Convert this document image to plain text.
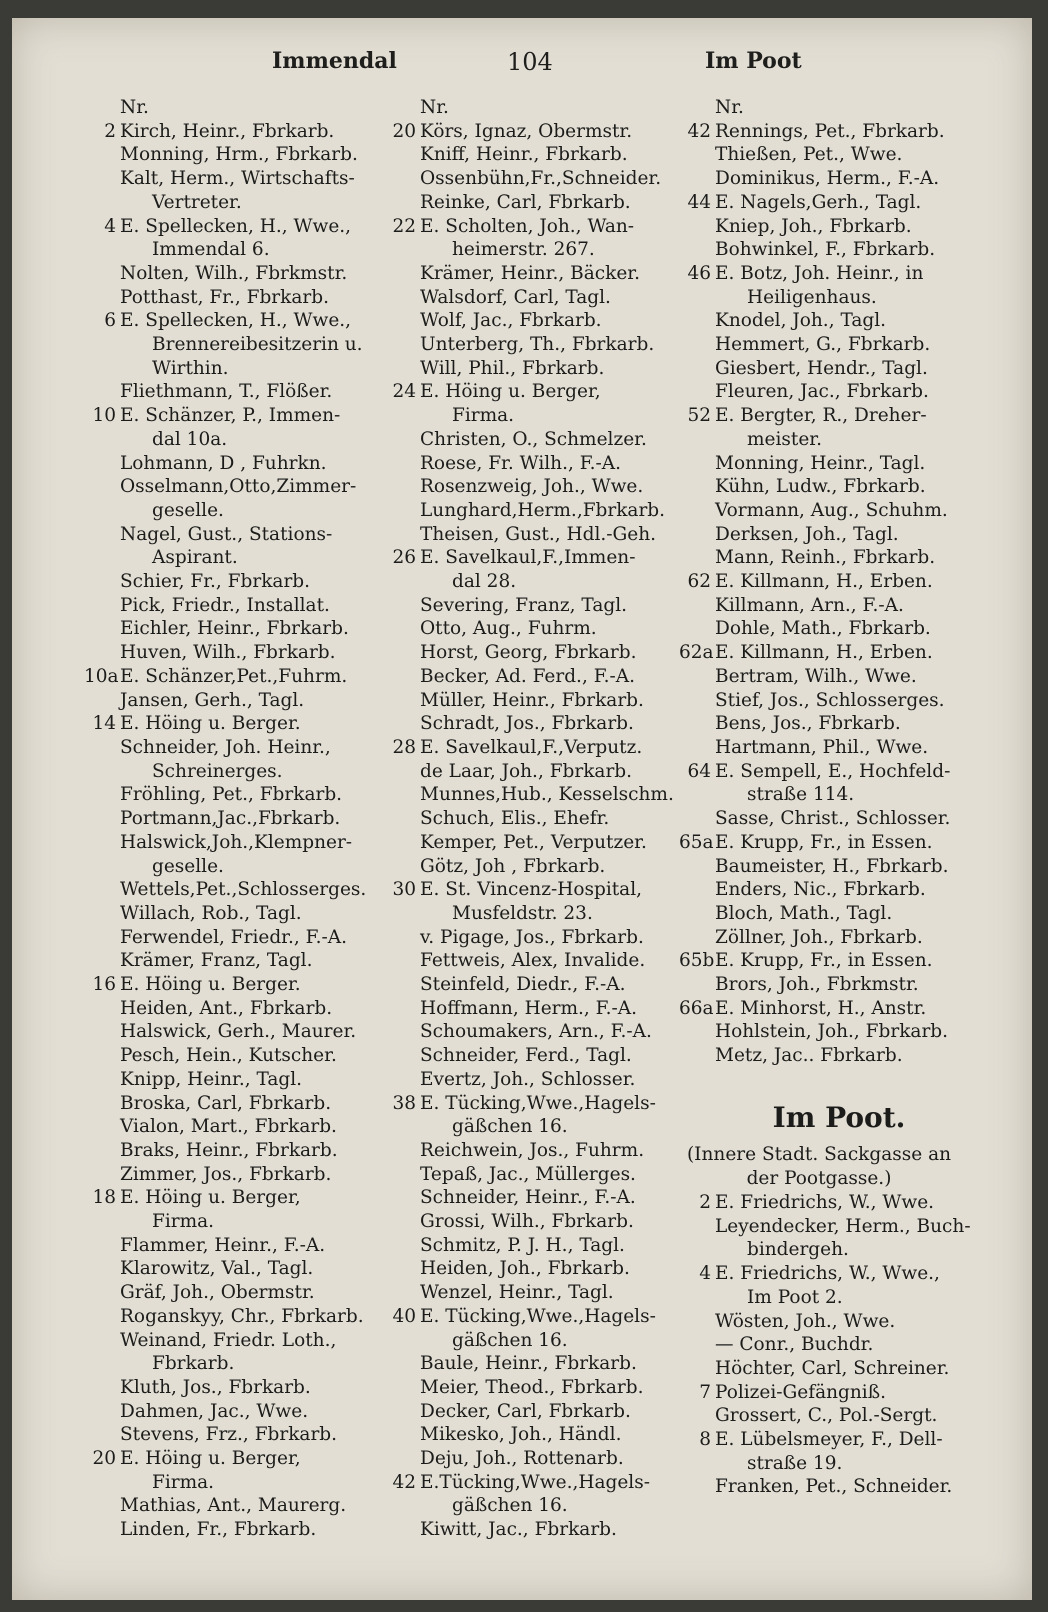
Immendal	104	Im Poot
Nr.
2 Kirch, Heinr., Fbrkarb.
Monning, Hrm., Fbrkarb.
Kalt, Herm., Wirtschafts-
Vertreter.
4 E. Spellecken, H., Wwe.,
Immendal 6.
Nolten, Wilh., Fbrkmstr.
Potthast, Fr., Fbrkarb.
6 E. Spellecken, H., Wwe.,
Brennereibesitzerin u.
Wirthin.
Fliethmann, T., Flößer.
10 E. Schänzer, P., Immen-
dal 10a.
Lohmann, D , Fuhrkn.
Osselmann,Otto,Zimmer-
geselle.
Nagel, Gust., Stations-
Aspirant.
Schier, Fr., Fbrkarb.
Pick, Friedr., Installat.
Eichler, Heinr., Fbrkarb.
Huven, Wilh., Fbrkarb.
10aE. Schänzer,Pet.,Fuhrm.
Jansen, Gerh., Tagl.
14 E. Höing u. Berger.
Schneider, Joh. Heinr.,
Schreinerges.
Fröhling, Pet., Fbrkarb.
Portmann,Jac.,Fbrkarb.
Halswick,Joh.,Klempner-
geselle.
Wettels,Pet.,Schlosserges.
Willach, Rob., Tagl.
Ferwendel, Friedr., F.-A.
Krämer, Franz, Tagl.
16 E. Höing u. Berger.
Heiden, Ant., Fbrkarb.
Halswick, Gerh., Maurer.
Pesch, Hein., Kutscher.
Knipp, Heinr., Tagl.
Broska, Carl, Fbrkarb.
Vialon, Mart., Fbrkarb.
Braks, Heinr., Fbrkarb.
Zimmer, Jos., Fbrkarb.
18 E. Höing u. Berger,
Firma.
Flammer, Heinr., F.-A.
Klarowitz, Val., Tagl.
Gräf, Joh., Obermstr.
Roganskyy, Chr., Fbrkarb.
Weinand, Friedr. Loth.,
Fbrkarb.
Kluth, Jos., Fbrkarb.
Dahmen, Jac., Wwe.
Stevens, Frz., Fbrkarb.
20 E. Höing u. Berger,
Firma.
Mathias, Ant., Maurerg.
Linden, Fr., Fbrkarb.
Nr.
20 Körs, Ignaz, Obermstr.
Kniff, Heinr., Fbrkarb.
Ossenbühn,Fr.,Schneider.
Reinke, Carl, Fbrkarb.
22 E. Scholten, Joh., Wan-
heimerstr. 267.
Krämer, Heinr., Bäcker.
Walsdorf, Carl, Tagl.
Wolf, Jac., Fbrkarb.
Unterberg, Th., Fbrkarb.
Will, Phil., Fbrkarb.
24 E. Höing u. Berger,
Firma.
Christen, O., Schmelzer.
Roese, Fr. Wilh., F.-A.
Rosenzweig, Joh., Wwe.
Lunghard,Herm.,Fbrkarb.
Theisen, Gust., Hdl.-Geh.
26 E. Savelkaul,F.,Immen-
dal 28.
Severing, Franz, Tagl.
Otto, Aug., Fuhrm.
Horst, Georg, Fbrkarb.
Becker, Ad. Ferd., F.-A.
Müller, Heinr., Fbrkarb.
Schradt, Jos., Fbrkarb.
28 E. Savelkaul,F.,Verputz.
de Laar, Joh., Fbrkarb.
Munnes,Hub., Kesselschm.
Schuch, Elis., Ehefr.
Kemper, Pet., Verputzer.
Götz, Joh , Fbrkarb.
30 E. St. Vincenz-Hospital,
Musfeldstr. 23.
v. Pigage, Jos., Fbrkarb.
Fettweis, Alex, Invalide.
Steinfeld, Diedr., F.-A.
Hoffmann, Herm., F.-A.
Schoumakers, Arn., F.-A.
Schneider, Ferd., Tagl.
Evertz, Joh., Schlosser.
38 E. Tücking,Wwe.,Hagels-
gäßchen 16.
Reichwein, Jos., Fuhrm.
Tepaß, Jac., Müllerges.
Schneider, Heinr., F.-A.
Grossi, Wilh., Fbrkarb.
Schmitz, P. J. H., Tagl.
Heiden, Joh., Fbrkarb.
Wenzel, Heinr., Tagl.
40 E. Tücking,Wwe.,Hagels-
gäßchen 16.
Baule, Heinr., Fbrkarb.
Meier, Theod., Fbrkarb.
Decker, Carl, Fbrkarb.
Mikesko, Joh., Händl.
Deju, Joh., Rottenarb.
42 E.Tücking,Wwe.,Hagels-
gäßchen 16.
Kiwitt, Jac., Fbrkarb.
Nr.
42 Rennings, Pet., Fbrkarb.
Thießen, Pet., Wwe.
Dominikus, Herm., F.-A.
44 E. Nagels,Gerh., Tagl.
Kniep, Joh., Fbrkarb.
Bohwinkel, F., Fbrkarb.
46 E. Botz, Joh. Heinr., in
Heiligenhaus.
Knodel, Joh., Tagl.
Hemmert, G., Fbrkarb.
Giesbert, Hendr., Tagl.
Fleuren, Jac., Fbrkarb.
52 E. Bergter, R., Dreher-
meister.
Monning, Heinr., Tagl.
Kühn, Ludw., Fbrkarb.
Vormann, Aug., Schuhm.
Derksen, Joh., Tagl.
Mann, Reinh., Fbrkarb.
62 E. Killmann, H., Erben.
Killmann, Arn., F.-A.
Dohle, Math., Fbrkarb.
62aE. Killmann, H., Erben.
Bertram, Wilh., Wwe.
Stief, Jos., Schlosserges.
Bens, Jos., Fbrkarb.
Hartmann, Phil., Wwe.
64 E. Sempell, E., Hochfeld-
straße 114.
Sasse, Christ., Schlosser.
65aE. Krupp, Fr., in Essen.
Baumeister, H., Fbrkarb.
Enders, Nic., Fbrkarb.
Bloch, Math., Tagl.
Zöllner, Joh., Fbrkarb.
65bE. Krupp, Fr., in Essen.
Brors, Joh., Fbrkmstr.
66aE. Minhorst, H., Anstr.
Hohlstein, Joh., Fbrkarb.
Metz, Jac.. Fbrkarb.
Im Poot.
(Innere Stadt. Sackgasse an
der Pootgasse.)
2 E. Friedrichs, W., Wwe.
Leyendecker, Herm., Buch-
bindergeh.
4 E. Friedrichs, W., Wwe.,
Im Poot 2.
Wösten, Joh., Wwe.
— Conr., Buchdr.
Höchter, Carl, Schreiner.
7 Polizei-Gefängniß.
Grossert, C., Pol.-Sergt.
8 E. Lübelsmeyer, F., Dell-
straße 19.
Franken, Pet., Schneider.
